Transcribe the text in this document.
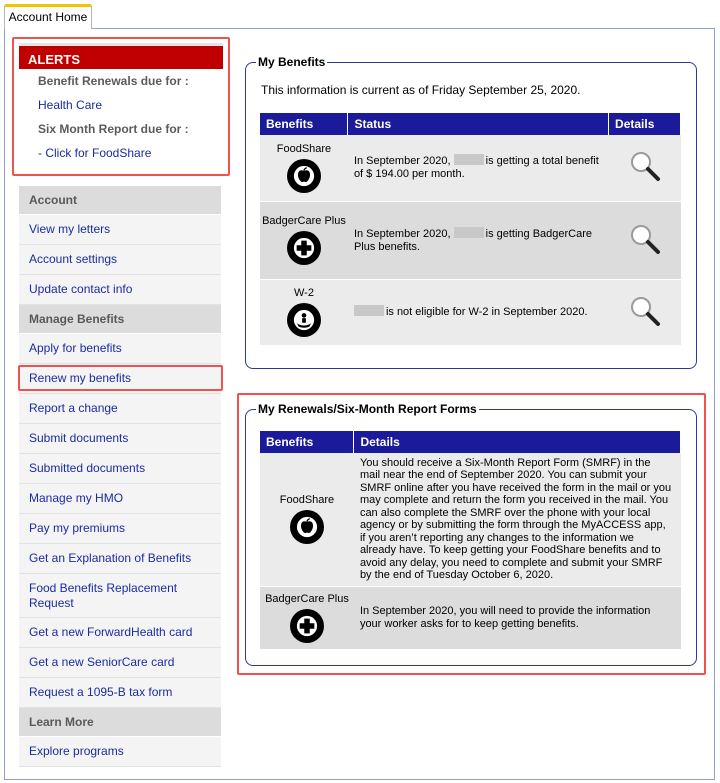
Account Home
ALERTS
Benefit Renewals due for :
Health Care
Six Month Report due for :
- Click for FoodShare
Account
View my letters
Account settings
Update contact info
Manage Benefits
Apply for benefits
Renew my benefits
Report a change
Submit documents
Submitted documents
Manage my HMO
Pay my premiums
Get an Explanation of Benefits
Food Benefits Replacement Request
Get a new ForwardHealth card
Get a new SeniorCare card
Request a 1095-B tax form
Learn More
Explore programs
My Benefits
This information is current as of Friday September 25, 2020.
Benefits	Status	Details

FoodShare	In September 2020, is getting a total benefit of $ 194.00 per month.	

BadgerCare Plus	In September 2020, is getting BadgerCare Plus benefits.	

W-2	is not eligible for W-2 in September 2020.	
My Renewals/Six-Month Report Forms
Benefits	Details

FoodShare	You should receive a Six-Month Report Form (SMRF) in the mail near the end of September 2020. You can submit your SMRF online after you have received the form in the mail or you may complete and return the form you received in the mail. You can also complete the SMRF over the phone with your local agency or by submitting the form through the MyACCESS app, if you aren’t reporting any changes to the information we already have. To keep getting your FoodShare benefits and to avoid any delay, you need to complete and submit your SMRF by the end of Tuesday October 6, 2020.

BadgerCare Plus	In September 2020, you will need to provide the information your worker asks for to keep getting benefits.
